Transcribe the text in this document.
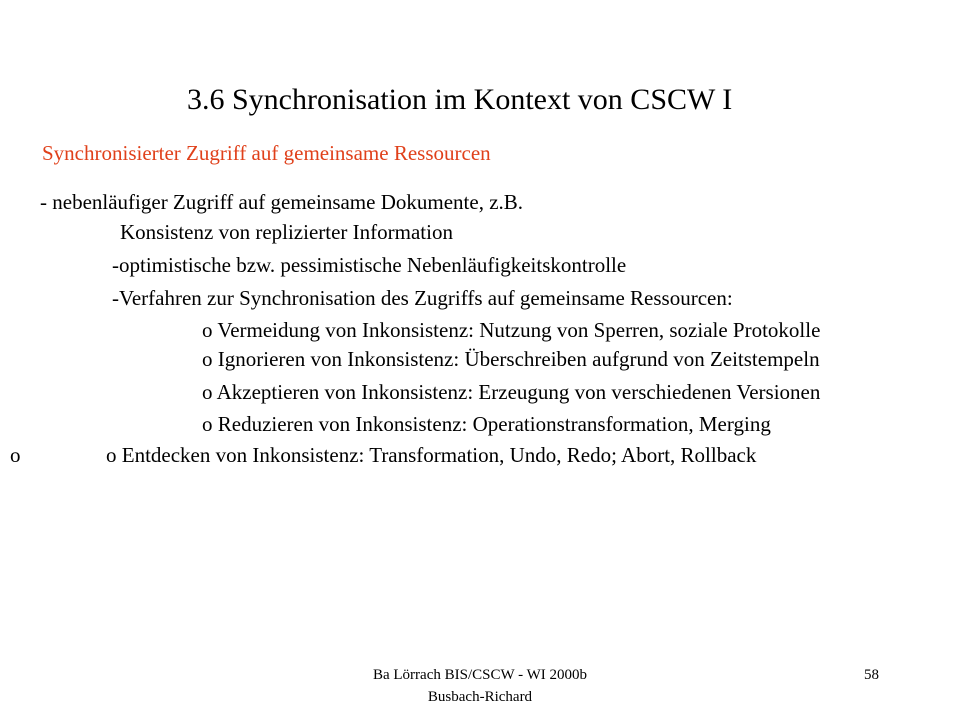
3.6 Synchronisation im Kontext von CSCW I
Synchronisierter Zugriff auf gemeinsame Ressourcen
- nebenläufiger Zugriff auf gemeinsame Dokumente, z.B.
Konsistenz von replizierter Information
-optimistische bzw. pessimistische Nebenläufigkeitskontrolle
-Verfahren zur Synchronisation des Zugriffs auf gemeinsame Ressourcen:
o Vermeidung von Inkonsistenz: Nutzung von Sperren, soziale Protokolle
o Ignorieren von Inkonsistenz: Überschreiben aufgrund von Zeitstempeln
o Akzeptieren von Inkonsistenz: Erzeugung von verschiedenen Versionen
o Reduzieren von Inkonsistenz: Operationstransformation, Merging
o	o Entdecken von Inkonsistenz: Transformation, Undo, Redo; Abort, Rollback
Ba Lörrach BIS/CSCW - WI 2000b
Busbach-Richard
58
